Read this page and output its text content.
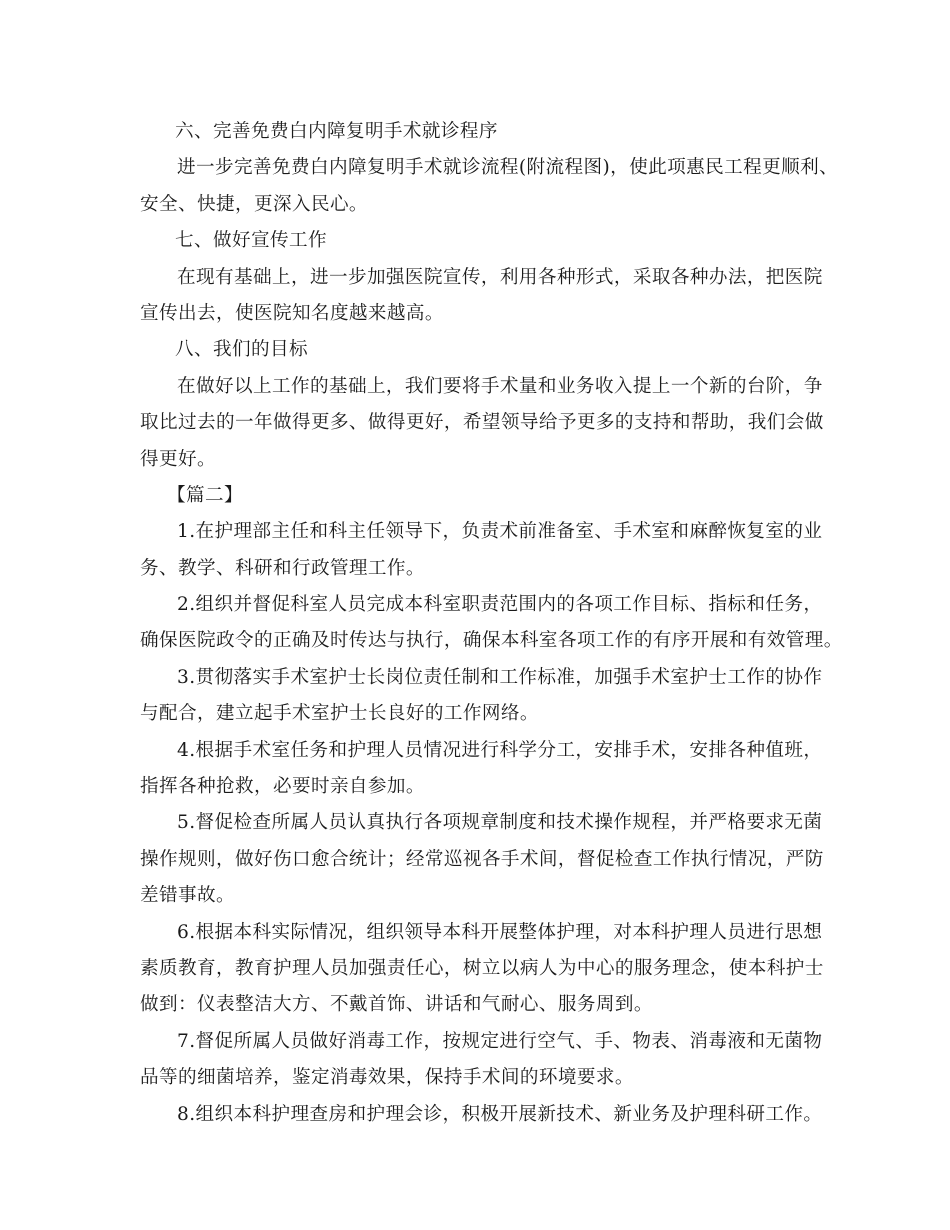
六、完善免费白内障复明手术就诊程序
进一步完善免费白内障复明手术就诊流程(附流程图)，使此项惠民工程更顺利、
安全、快捷，更深入民心。
七、做好宣传工作
在现有基础上，进一步加强医院宣传，利用各种形式，采取各种办法，把医院
宣传出去，使医院知名度越来越高。
八、我们的目标
在做好以上工作的基础上，我们要将手术量和业务收入提上一个新的台阶，争
取比过去的一年做得更多、做得更好，希望领导给予更多的支持和帮助，我们会做
得更好。
【篇二】
1.在护理部主任和科主任领导下，负责术前准备室、手术室和麻醉恢复室的业
务、教学、科研和行政管理工作。
2.组织并督促科室人员完成本科室职责范围内的各项工作目标、指标和任务，
确保医院政令的正确及时传达与执行，确保本科室各项工作的有序开展和有效管理。
3.贯彻落实手术室护士长岗位责任制和工作标准，加强手术室护士工作的协作
与配合，建立起手术室护士长良好的工作网络。
4.根据手术室任务和护理人员情况进行科学分工，安排手术，安排各种值班，
指挥各种抢救，必要时亲自参加。
5.督促检查所属人员认真执行各项规章制度和技术操作规程，并严格要求无菌
操作规则，做好伤口愈合统计；经常巡视各手术间，督促检查工作执行情况，严防
差错事故。
6.根据本科实际情况，组织领导本科开展整体护理，对本科护理人员进行思想
素质教育，教育护理人员加强责任心，树立以病人为中心的服务理念，使本科护士
做到：仪表整洁大方、不戴首饰、讲话和气耐心、服务周到。
7.督促所属人员做好消毒工作，按规定进行空气、手、物表、消毒液和无菌物
品等的细菌培养，鉴定消毒效果，保持手术间的环境要求。
8.组织本科护理查房和护理会诊，积极开展新技术、新业务及护理科研工作。
